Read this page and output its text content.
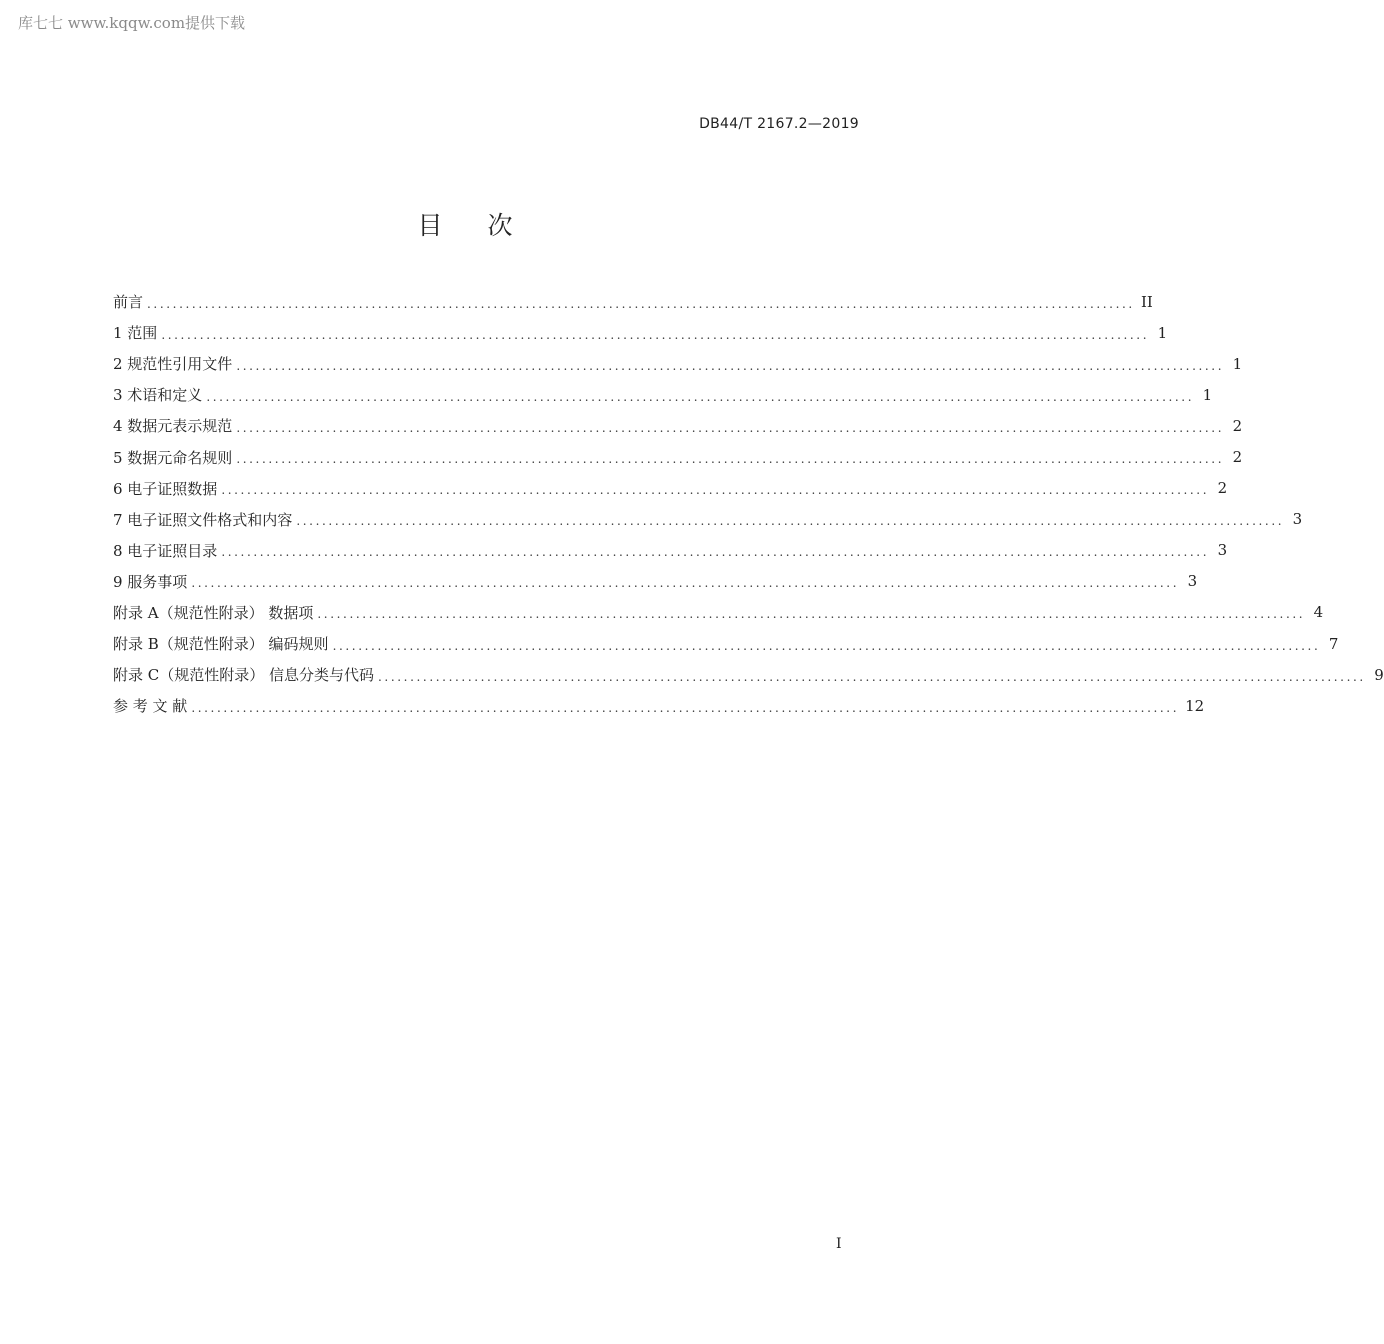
库七七 www.kqqw.com提供下载
DB44/T 2167.2—2019
目次
前言 .......................................................................................................................................................... II
1 范围 .......................................................................................................................................................... 1
2 规范性引用文件 .......................................................................................................................................................... 1
3 术语和定义 .......................................................................................................................................................... 1
4 数据元表示规范 .......................................................................................................................................................... 2
5 数据元命名规则 .......................................................................................................................................................... 2
6 电子证照数据 .......................................................................................................................................................... 2
7 电子证照文件格式和内容 .......................................................................................................................................................... 3
8 电子证照目录 .......................................................................................................................................................... 3
9 服务事项 .......................................................................................................................................................... 3
附录 A（规范性附录） 数据项 .......................................................................................................................................................... 4
附录 B（规范性附录） 编码规则 .......................................................................................................................................................... 7
附录 C（规范性附录） 信息分类与代码 .......................................................................................................................................................... 9
参 考 文 献 .......................................................................................................................................................... 12
I
